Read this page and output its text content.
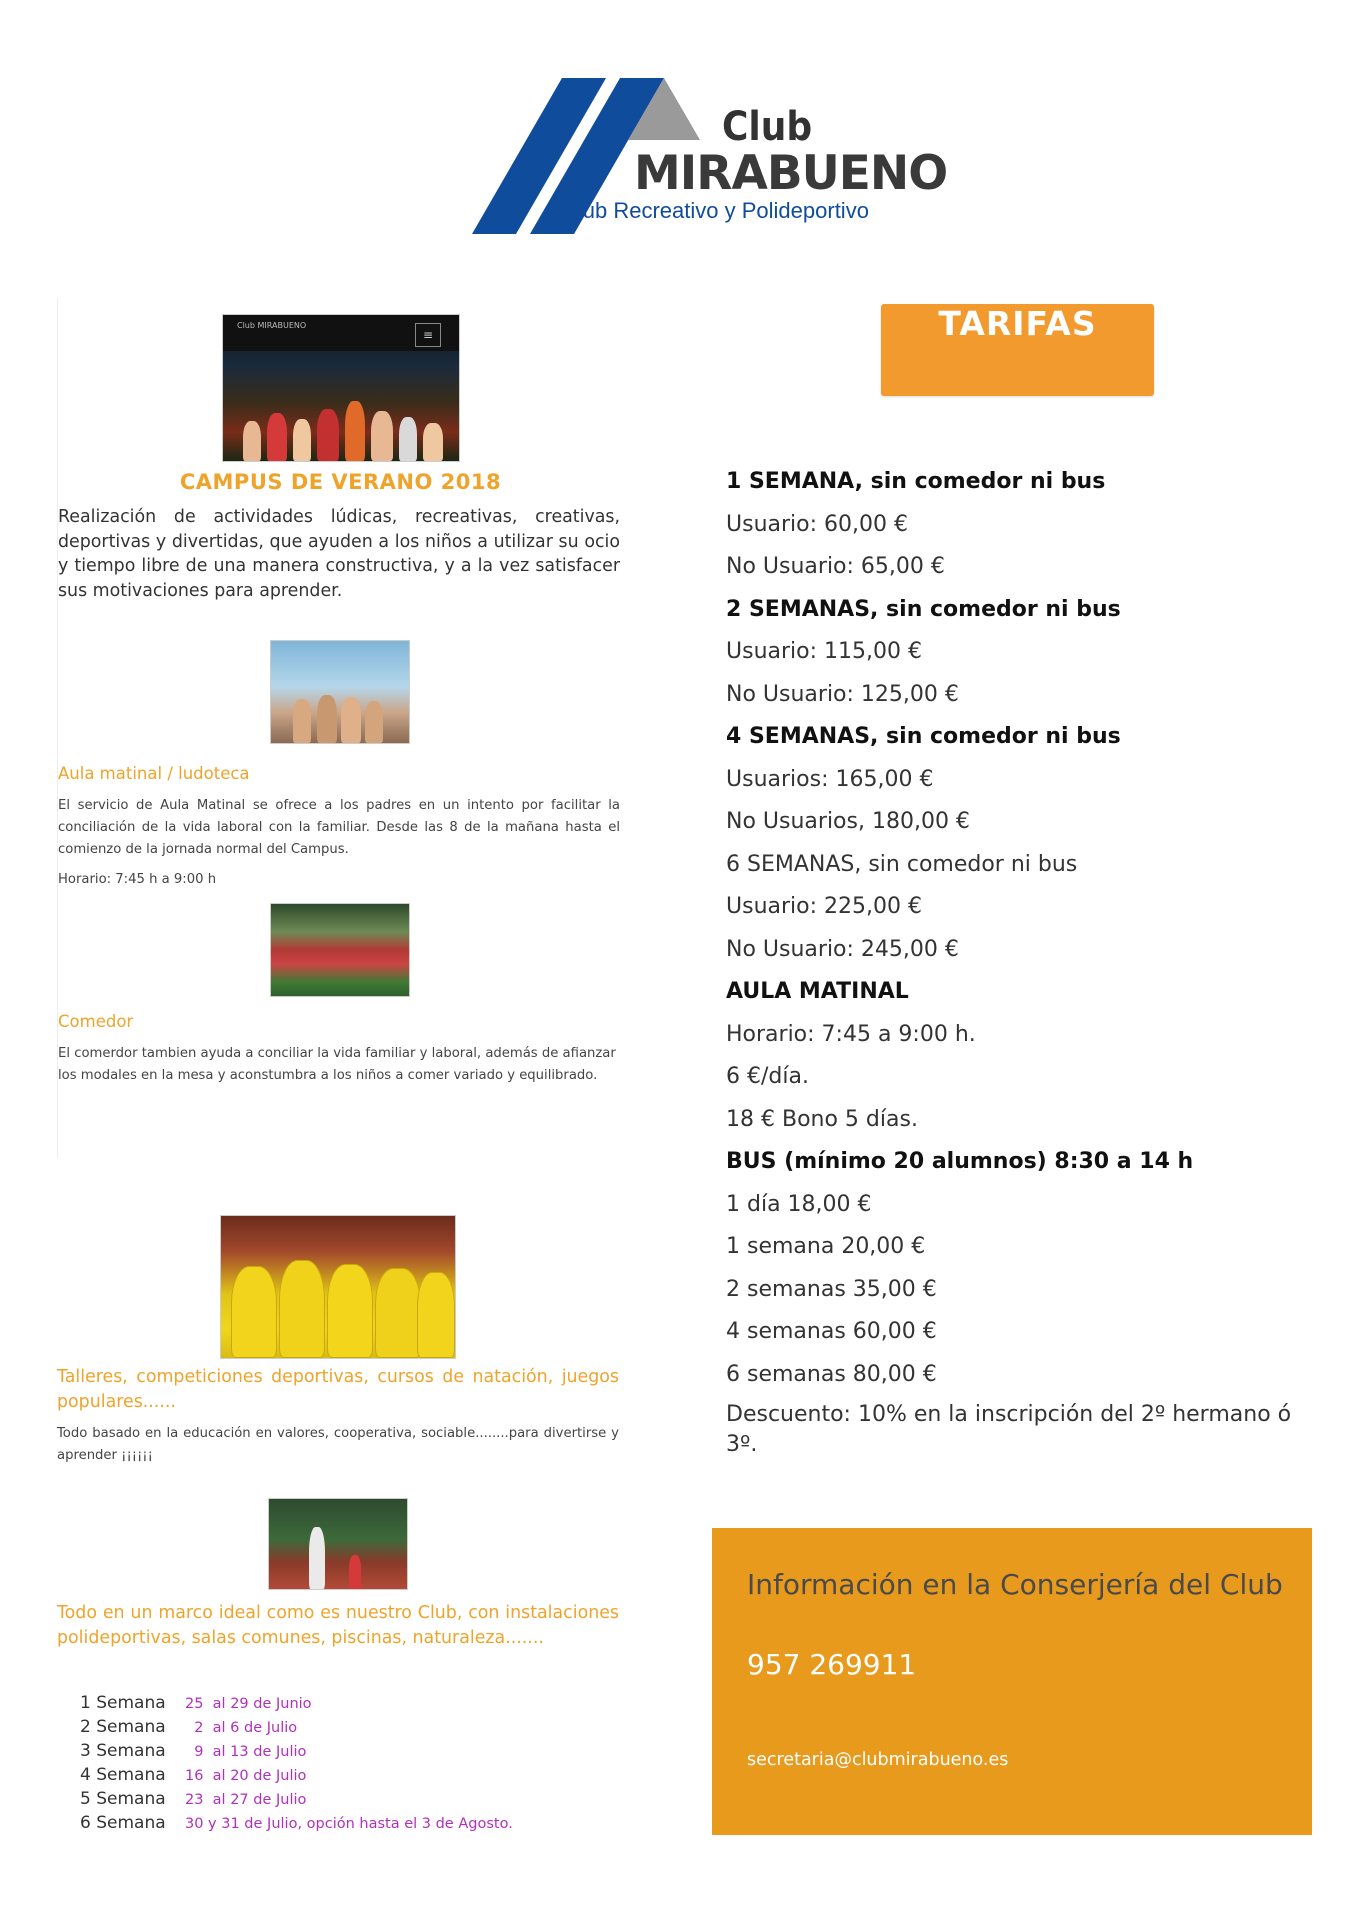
Club
MIRABUENO
Club Recreativo y Polideportivo
Club MIRABUENO
≡
CAMPUS DE VERANO 2018
Realización de actividades lúdicas, recreativas, creativas, deportivas y divertidas, que ayuden a los niños a utilizar su ocio y tiempo libre de una manera constructiva, y a la vez satisfacer sus motivaciones para aprender.
Aula matinal / ludoteca
El servicio de Aula Matinal se ofrece a los padres en un intento por facilitar la conciliación de la vida laboral con la familiar. Desde las 8 de la mañana hasta el comienzo de la jornada normal del Campus.
Horario: 7:45 h a 9:00 h
Comedor
El comerdor tambien ayuda a conciliar la vida familiar y laboral, además de afianzar los modales en la mesa y aconstumbra a los niños a comer variado y equilibrado.
Talleres, competiciones deportivas, cursos de natación, juegos populares......
Todo basado en la educación en valores, cooperativa, sociable........para divertirse y aprender ¡¡¡¡¡¡
Todo en un marco ideal como es nuestro Club, con instalaciones polideportivas, salas comunes, piscinas, naturaleza.......
1 Semana	25  al 29 de Junio
2 Semana	2  al 6 de Julio
3 Semana	9  al 13 de Julio
4 Semana	16  al 20 de Julio
5 Semana	23  al 27 de Julio
6 Semana	30 y 31 de Julio, opción hasta el 3 de Agosto.
TARIFAS
1 SEMANA, sin comedor ni bus
Usuario: 60,00 €
No Usuario: 65,00 €
2 SEMANAS, sin comedor ni bus
Usuario: 115,00 €
No Usuario: 125,00 €
4 SEMANAS, sin comedor ni bus
Usuarios: 165,00 €
No Usuarios, 180,00 €
6 SEMANAS, sin comedor ni bus
Usuario: 225,00 €
No Usuario: 245,00 €
AULA MATINAL
Horario: 7:45 a 9:00 h.
6 €/día.
18 € Bono 5 días.
BUS (mínimo 20 alumnos) 8:30 a 14 h
1 día 18,00 €
1 semana 20,00 €
2 semanas 35,00 €
4 semanas 60,00 €
6 semanas 80,00 €
Descuento: 10% en la inscripción del 2º hermano ó 3º.
Información en la Conserjería del Club
957 269911
secretaria@clubmirabueno.es
